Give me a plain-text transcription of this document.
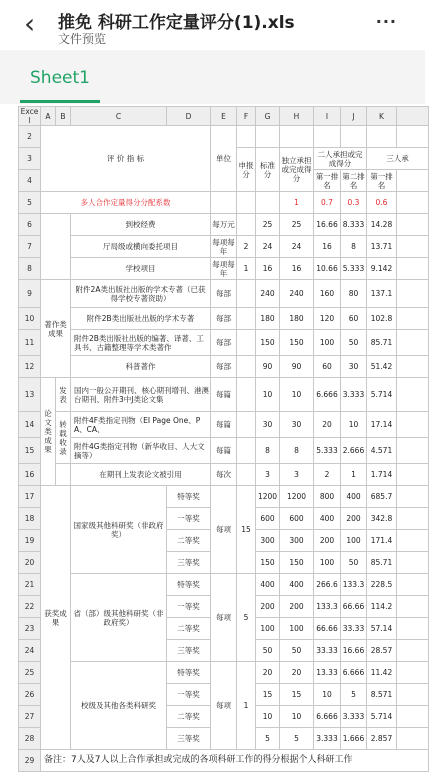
‹ 推免 科研工作定量评分(1).xls
文件预览
···
Sheet1
Excel	A	B	C	D	E	F	G	H	I	J	K	
2	评 价 指 标				单位							
3						申报分	标准分	独立承担或完成得分	二人承担或完成得分		三人承	
4									第一排名	第二排名	第一排名	
5	多人合作定量得分分配系数							1	0.7	0.3	0.6	
6			到校经费		每万元		25	25	16.66	8.333	14.28	
7			厅局级或横向委托项目		每项每年	2	24	24	16	8	13.71	
8			学校项目		每项每年	1	16	16	10.66	5.333	9.142	
9	著作类成果		附件2A类出版社出版的学术专著（已获得学校专著资助）		每部		240	240	160	80	137.1	
10			附件2B类出版社出版的学术专著		每部		180	180	120	60	102.8	
11			附件2B类出版社出版的编著、译著、工具书、古籍整理等学术类著作		每部		150	150	100	50	85.71	
12			科普著作		每部		90	90	60	30	51.42	
13	论文类成果	发表	国内一般公开期刊、核心期刊增刊、港澳台期刊、附件3中J类论文集		每篇		10	10	6.666	3.333	5.714	
14		转载收录	附件4F类指定刊物（EI Page One、PA、CA、		每篇		30	30	20	10	17.14	
15			附件4G类指定刊物（新华收目、人大文摘等）		每篇		8	8	5.333	2.666	4.571	
16			在期刊上发表论文被引用		每次		3	3	2	1	1.714	
17	获奖成果		国家级其他科研奖（非政府奖）	特等奖	每项	15	1200	1200	800	400	685.7	
18				一等奖			600	600	400	200	342.8	
19				二等奖			300	300	200	100	171.4	
20				三等奖			150	150	100	50	85.71	
21			省（部）级其他科研奖（非政府奖）	特等奖	每项	5	400	400	266.6	133.3	228.5	
22				一等奖			200	200	133.3	66.66	114.2	
23				二等奖			100	100	66.66	33.33	57.14	
24				三等奖			50	50	33.33	16.66	28.57	
25			校级及其他各类科研奖	特等奖	每项	1	20	20	13.33	6.666	11.42	
26				一等奖			15	15	10	5	8.571	
27				二等奖			10	10	6.666	3.333	5.714	
28				三等奖			5	5	3.333	1.666	2.857	
29	备注：7人及7人以上合作承担或完成的各项科研工作的得分根据个人科研工作											
